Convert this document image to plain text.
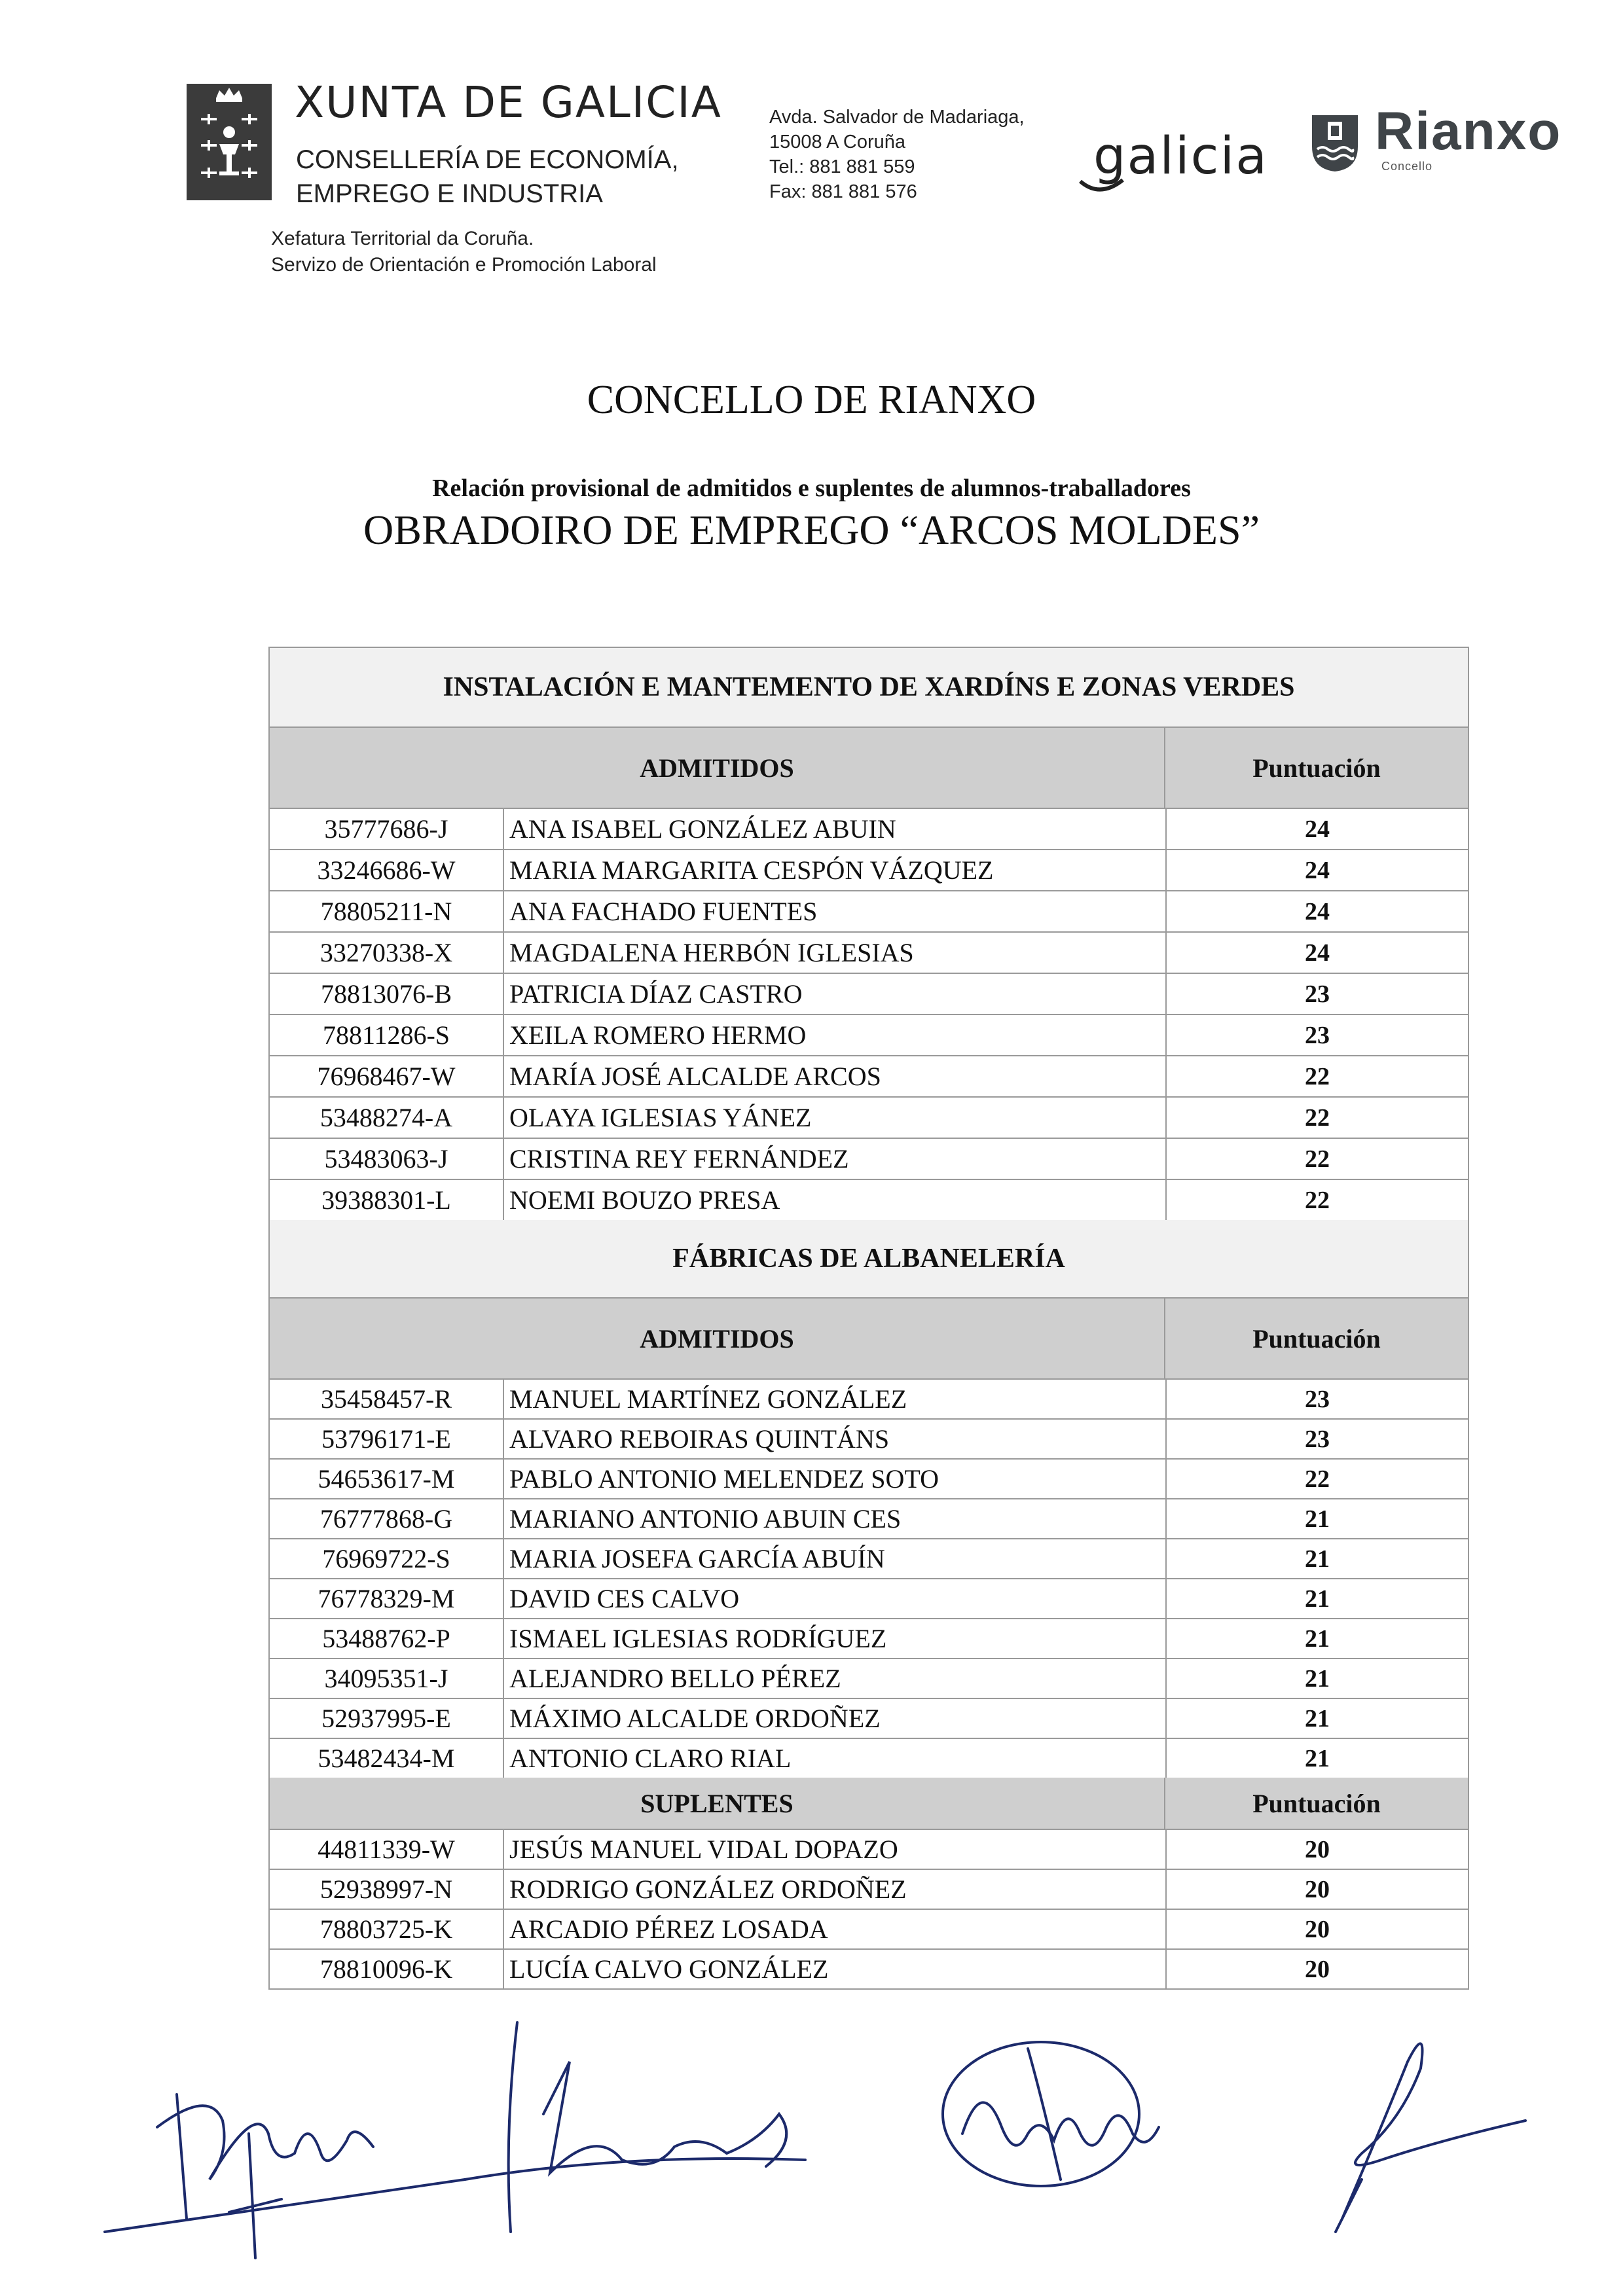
XUNTA DE GALICIA
CONSELLERÍA DE ECONOMÍA,
EMPREGO E INDUSTRIA
Xefatura Territorial da Coruña.
Servizo de Orientación e Promoción Laboral
Avda. Salvador de Madariaga,
15008 A Coruña
Tel.: 881 881 559
Fax: 881 881 576
galicia Rianxo
Concello
CONCELLO DE RIANXO
Relación provisional de admitidos e suplentes de alumnos-traballadores
OBRADOIRO DE EMPREGO “ARCOS MOLDES”
INSTALACIÓN E MANTEMENTO DE XARDÍNS E ZONAS VERDES
ADMITIDOS	Puntuación
35777686-J	ANA ISABEL GONZÁLEZ ABUIN	24
33246686-W	MARIA MARGARITA CESPÓN VÁZQUEZ	24
78805211-N	ANA FACHADO FUENTES	24
33270338-X	MAGDALENA HERBÓN IGLESIAS	24
78813076-B	PATRICIA DÍAZ CASTRO	23
78811286-S	XEILA ROMERO HERMO	23
76968467-W	MARÍA JOSÉ ALCALDE ARCOS	22
53488274-A	OLAYA IGLESIAS YÁNEZ	22
53483063-J	CRISTINA REY FERNÁNDEZ	22
39388301-L	NOEMI BOUZO PRESA	22
FÁBRICAS DE ALBANELERÍA
ADMITIDOS	Puntuación
35458457-R	MANUEL MARTÍNEZ GONZÁLEZ	23
53796171-E	ALVARO REBOIRAS QUINTÁNS	23
54653617-M	PABLO ANTONIO MELENDEZ SOTO	22
76777868-G	MARIANO ANTONIO ABUIN CES	21
76969722-S	MARIA JOSEFA GARCÍA ABUÍN	21
76778329-M	DAVID CES CALVO	21
53488762-P	ISMAEL IGLESIAS RODRÍGUEZ	21
34095351-J	ALEJANDRO BELLO PÉREZ	21
52937995-E	MÁXIMO ALCALDE ORDOÑEZ	21
53482434-M	ANTONIO CLARO RIAL	21
SUPLENTES	Puntuación
44811339-W	JESÚS MANUEL VIDAL DOPAZO	20
52938997-N	RODRIGO GONZÁLEZ ORDOÑEZ	20
78803725-K	ARCADIO PÉREZ LOSADA	20
78810096-K	LUCÍA CALVO GONZÁLEZ	20
